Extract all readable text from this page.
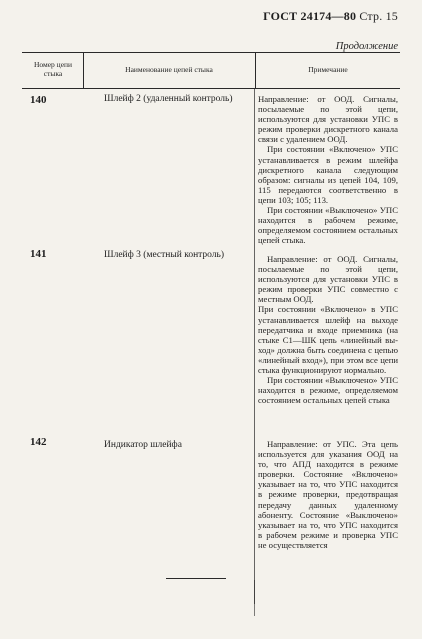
ГОСТ 24174—80 Стр. 15
Продолжение
Номер цепи стыка	Наименование цепей стыка	Примечание
140	Шлейф 2 (удаленный контроль)	Направление: от ООД. Сигналы, посылаемые по этой цепи, используются для установки УПС в режим проверки дискретного канала связи с удалением ООД.

При состоянии «Включено» УПС устанавливается в режим шлейфа дискретного канала следующим образом: сигналы из цепей 104, 109, 115 передаются соответственно в цепи 103; 105; 113.

При состоянии «Выключено» УПС находится в рабочем режиме, определяемом состоянием остальных цепей стыка.

141	Шлейф 3 (местный контроль)	Направление: от ООД. Сигналы, посылаемые по этой цепи, используются для установки УПС в режим проверки УПС совместно с местным ООД.

При состоянии «Включено» в УПС устанавливается шлейф на выходе передатчика и входе приемника (на стыке С1—ШК цепь «линейный выход» должна быть соединена с цепью «линейный вход»), при этом все цепи стыка функционируют нормально.

При состоянии «Выключено» УПС находится в режиме, определяемом состоянием остальных цепей стыка

142	Индикатор шлейфа	Направление: от УПС. Эта цепь используется для указания ООД на то, что АПД находится в режиме проверки. Состояние «Включено» указывает на то, что УПС находится в режиме проверки, предотвращая передачу данных удаленному абоненту. Состояние «Выключено» указывает на то, что УПС находится в рабочем режиме и проверка УПС не осуществляется
